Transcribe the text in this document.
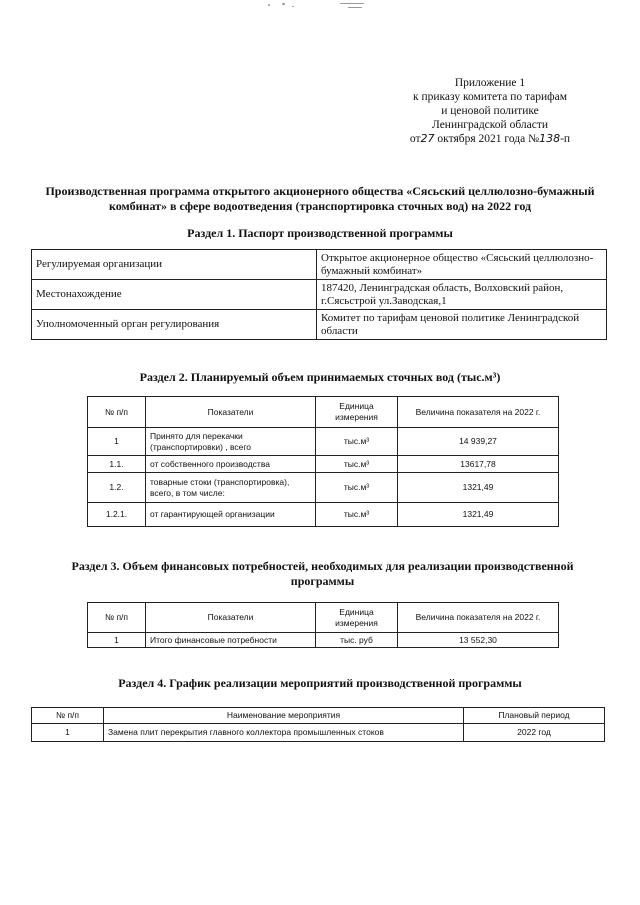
Приложение 1
к приказу комитета по тарифам
и ценовой политике
Ленинградской области
от27 октября 2021 года №138-п
Производственная программа открытого акционерного общества «Сясьский целлюлозно-бумажный комбинат» в сфере водоотведения (транспортировка сточных вод) на 2022 год
Раздел 1. Паспорт производственной программы
Регулируемая организации	Открытое акционерное общество «Сясьский целлюлозно-бумажный комбинат»
Местонахождение	187420, Ленинградская область, Волховский район, г.Сясьстрой ул.Заводская,1
Уполномоченный орган регулирования	Комитет по тарифам ценовой политике Ленинградской области
Раздел 2. Планируемый объем принимаемых сточных вод (тыс.м³)
№ п/п	Показатели	Единица измерения	Величина показателя на 2022 г.
1	Принято для перекачки (транспортировки) , всего	тыс.м³	14 939,27
1.1.	от собственного производства	тыс.м³	13617,78
1.2.	товарные стоки (транспортировка), всего, в том числе:	тыс.м³	1321,49
1.2.1.	от гарантирующей организации	тыс.м³	1321,49
Раздел 3. Объем финансовых потребностей, необходимых для реализации производственной программы
№ п/п	Показатели	Единица измерения	Величина показателя на 2022 г.
1	Итого финансовые потребности	тыс. руб	13 552,30
Раздел 4. График реализации мероприятий производственной программы
№ п/п	Наименование мероприятия	Плановый период
1	Замена плит перекрытия главного коллектора промышленных стоков	2022 год
